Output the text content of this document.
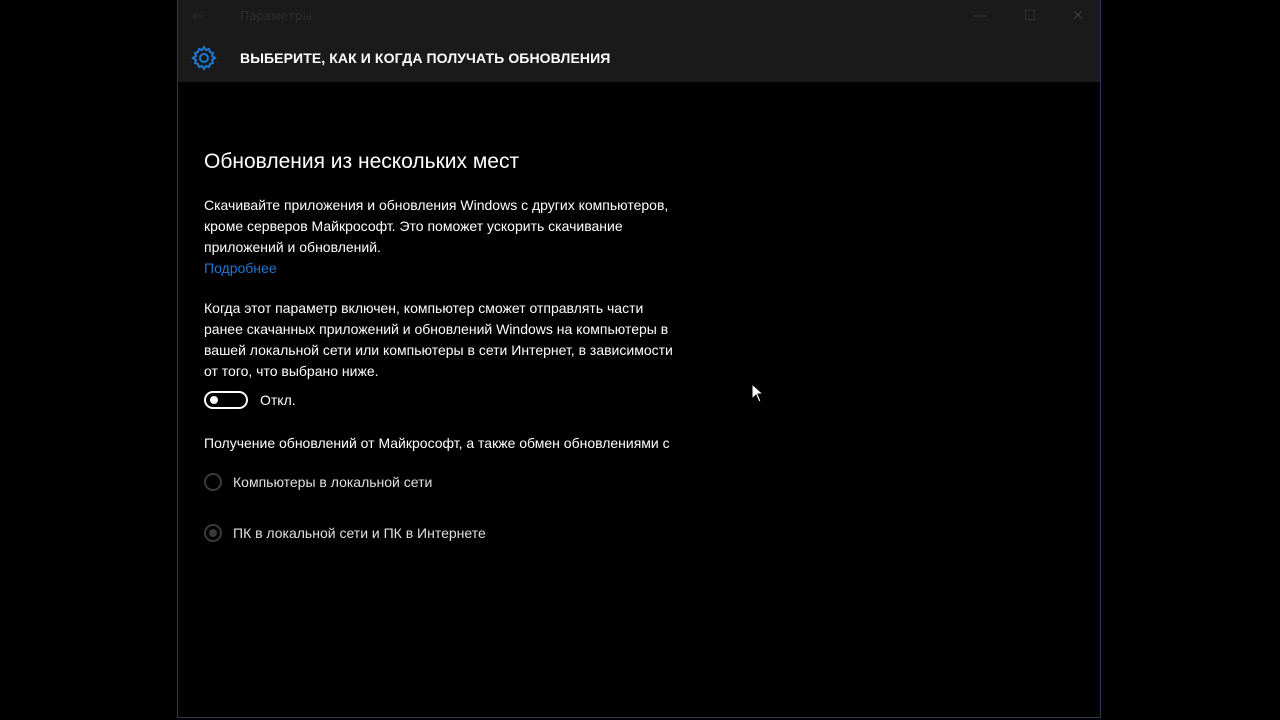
←	Параметры	—	☐	✕
ВЫБЕРИТЕ, КАК И КОГДА ПОЛУЧАТЬ ОБНОВЛЕНИЯ
Обновления из нескольких мест

Скачивайте приложения и обновления Windows с других компьютеров, кроме серверов Майкрософт. Это поможет ускорить скачивание приложений и обновлений.

Подробнее

Когда этот параметр включен, компьютер сможет отправлять части ранее скачанных приложений и обновлений Windows на компьютеры в вашей локальной сети или компьютеры в сети Интернет, в зависимости от того, что выбрано ниже.

Откл.

Получение обновлений от Майкрософт, а также обмен обновлениями с

Компьютеры в локальной сети
ПК в локальной сети и ПК в Интернете
